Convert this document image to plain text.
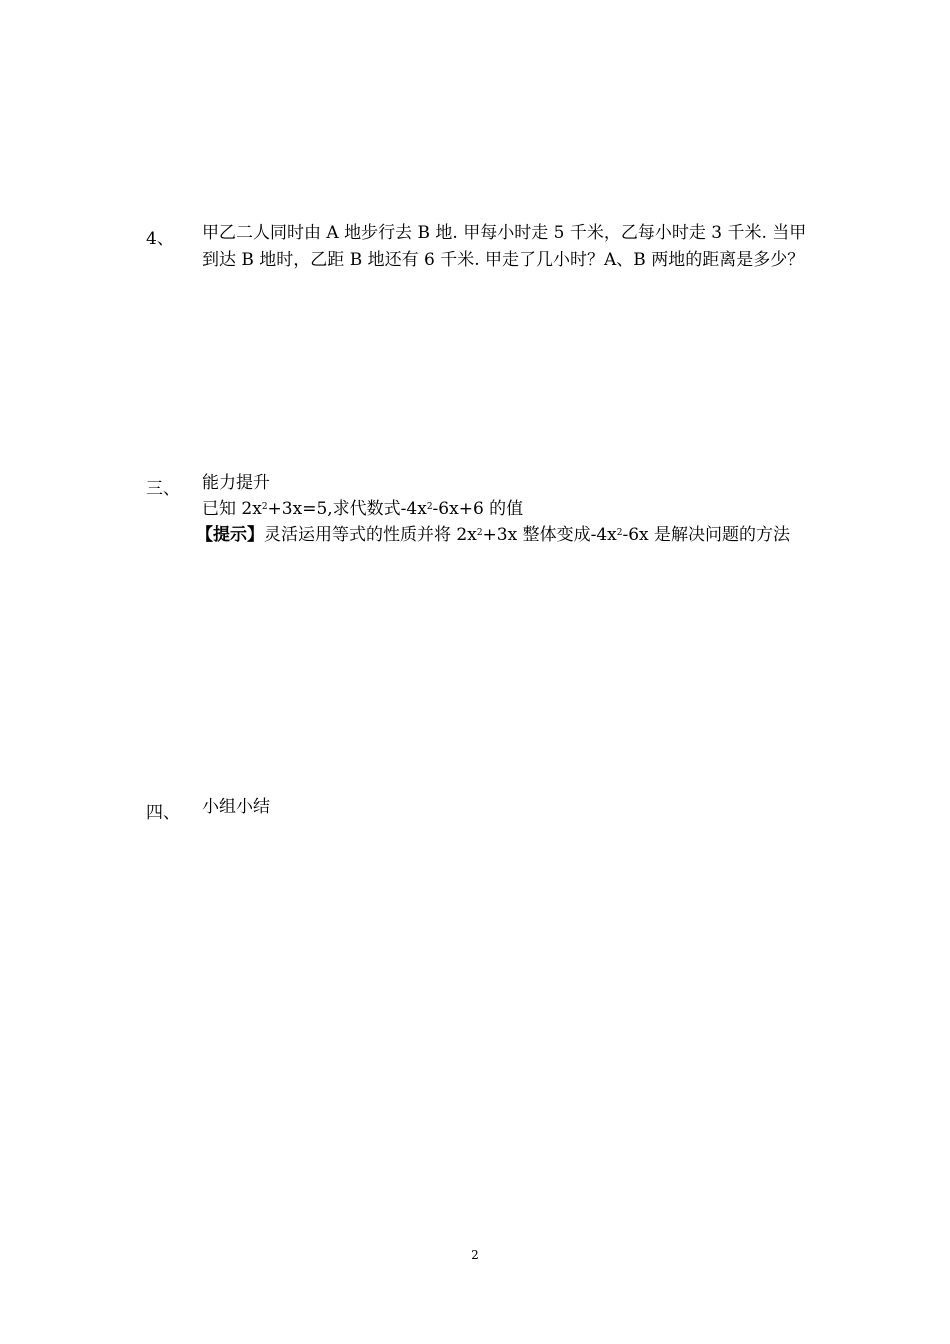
4、 甲乙二人同时由 A 地步行去 B 地. 甲每小时走 5 千米，乙每小时走 3 千米. 当甲
到达 B 地时，乙距 B 地还有 6 千米. 甲走了几小时？A、B 两地的距离是多少？
三、 能力提升
已知 $2x^2+3x=5$,求代数式$-4x^2-6x+6$ 的值
【提示】灵活运用等式的性质并将 $2x^2+3x$ 整体变成$-4x^2-6x$ 是解决问题的方法
四、 小组小结
2
